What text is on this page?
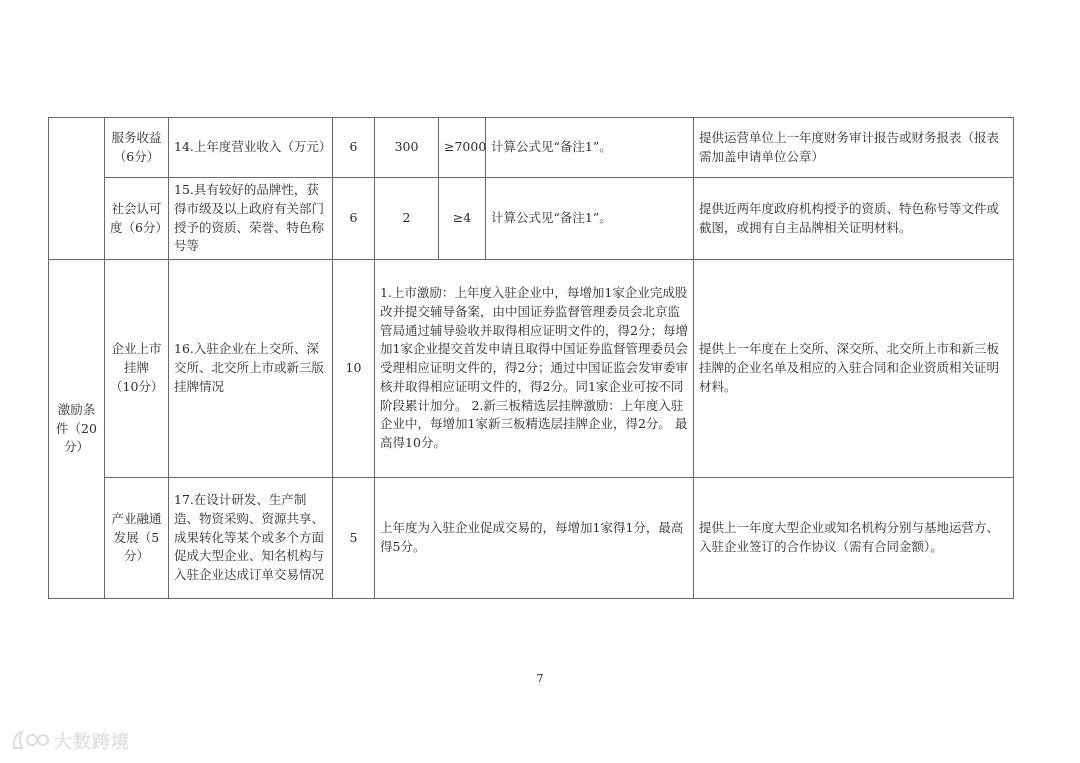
	服务收益（6分）	14.上年度营业收入（万元）	6	300	≥7000	计算公式见“备注1”。	提供运营单位上一年度财务审计报告或财务报表（报表需加盖申请单位公章）
	社会认可度（6分）	15.具有较好的品牌性，获得市级及以上政府有关部门授予的资质、荣誉、特色称号等	6	2	≥4	计算公式见“备注1”。	提供近两年度政府机构授予的资质、特色称号等文件或截图，或拥有自主品牌相关证明材料。
激励条件（20分）	企业上市挂牌（10分）	16.入驻企业在上交所、深交所、北交所上市或新三版挂牌情况	10	1.上市激励：上年度入驻企业中，每增加1家企业完成股改并提交辅导备案，由中国证券监督管理委员会北京监管局通过辅导验收并取得相应证明文件的，得2分；每增加1家企业提交首发申请且取得中国证券监督管理委员会受理相应证明文件的，得2分；通过中国证监会发审委审核并取得相应证明文件的，得2分。同1家企业可按不同阶段累计加分。 2.新三板精选层挂牌激励：上年度入驻企业中，每增加1家新三板精选层挂牌企业，得2分。 最高得10分。			提供上一年度在上交所、深交所、北交所上市和新三板挂牌的企业名单及相应的入驻合同和企业资质相关证明材料。
	产业融通发展（5分）	17.在设计研发、生产制造、物资采购、资源共享、成果转化等某个或多个方面促成大型企业、知名机构与入驻企业达成订单交易情况	5	上年度为入驻企业促成交易的，每增加1家得1分，最高得5分。			提供上一年度大型企业或知名机构分别与基地运营方、入驻企业签订的合作协议（需有合同金额）。
7
大数跨境
